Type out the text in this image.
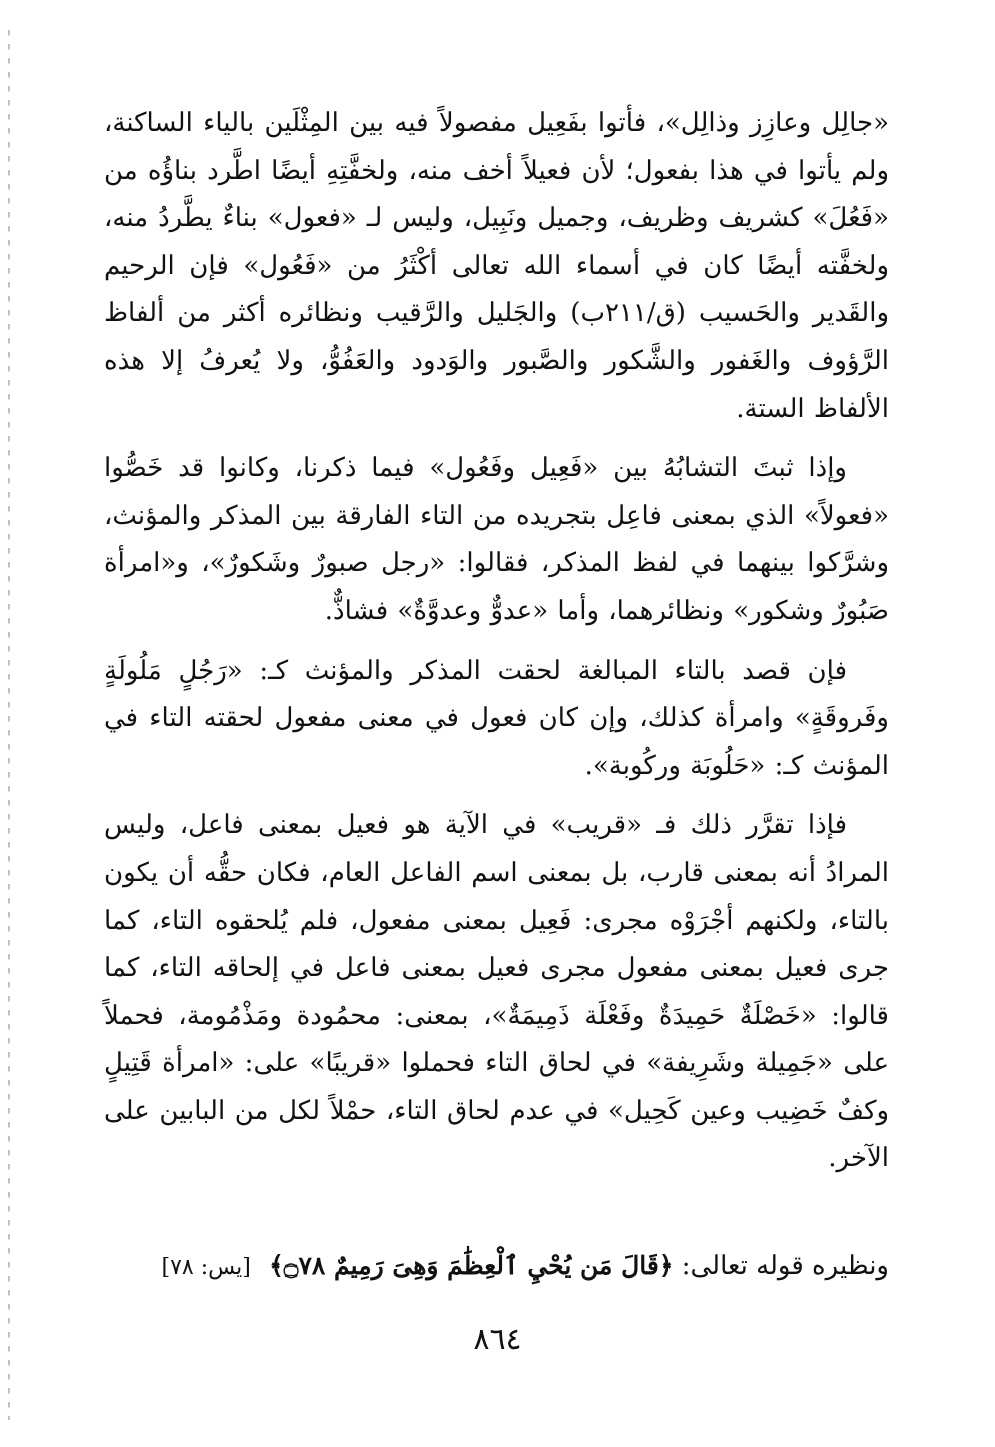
«جالِل وعازِز وذالِل»، فأتوا بفَعِيل مفصولاً فيه بين المِثْلَين بالياء الساكنة، ولم يأتوا في هذا بفعول؛ لأن فعيلاً أخف منه، ولخفَّتِهِ أيضًا اطَّرد بناؤُه من «فَعُلَ» كشريف وظريف، وجميل ونَبِيل، وليس لـ «فعول» بناءٌ يطَّردُ منه، ولخفَّته أيضًا كان في أسماء الله تعالى أكْثَرُ من «فَعُول» فإن الرحيم والقَدير والحَسيب (ق/٢١١ب) والجَليل والرَّقيب ونظائره أكثر من ألفاظ الرَّؤوف والغَفور والشَّكور والصَّبور والوَدود والعَفُوُّ، ولا يُعرفُ إلا هذه الألفاظ الستة.

وإذا ثبتَ التشابُهُ بين «فَعِيل وفَعُول» فيما ذكرنا، وكانوا قد خَصُّوا «فعولاً» الذي بمعنى فاعِل بتجريده من التاء الفارقة بين المذكر والمؤنث، وشرَّكوا بينهما في لفظ المذكر، فقالوا: «رجل صبورٌ وشَكورٌ»، و«امرأة صَبُورٌ وشكور» ونظائرهما، وأما «عدوٌّ وعدوَّةٌ» فشاذٌّ.

فإن قصد بالتاء المبالغة لحقت المذكر والمؤنث كـ: «رَجُلٍ مَلُولَةٍ وفَروقَةٍ» وامرأة كذلك، وإن كان فعول في معنى مفعول لحقته التاء في المؤنث كـ: «حَلُوبَة وركُوبة».

فإذا تقرَّر ذلك فـ «قريب» في الآية هو فعيل بمعنى فاعل، وليس المرادُ أنه بمعنى قارب، بل بمعنى اسم الفاعل العام، فكان حقُّه أن يكون بالتاء، ولكنهم أجْرَوْه مجرى: فَعِيل بمعنى مفعول، فلم يُلحقوه التاء، كما جرى فعيل بمعنى مفعول مجرى فعيل بمعنى فاعل في إلحاقه التاء، كما قالوا: «خَصْلَةٌ حَمِيدَةٌ وفَعْلَة ذَمِيمَةٌ»، بمعنى: محمُودة ومَذْمُومة، فحملاً على «جَمِيلة وشَرِيفة» في لحاق التاء فحملوا «قريبًا» على: «امرأة قَتِيلٍ وكفٌ خَضِيب وعين كَحِيل» في عدم لحاق التاء، حمْلاً لكل من البابين على الآخر.

ونظيره قوله تعالى: ﴿قَالَ مَن يُحْيِ ٱلْعِظَٰمَ وَهِىَ رَمِيمٌ ۝٧٨﴾ [يس: ٧٨]
٨٦٤
